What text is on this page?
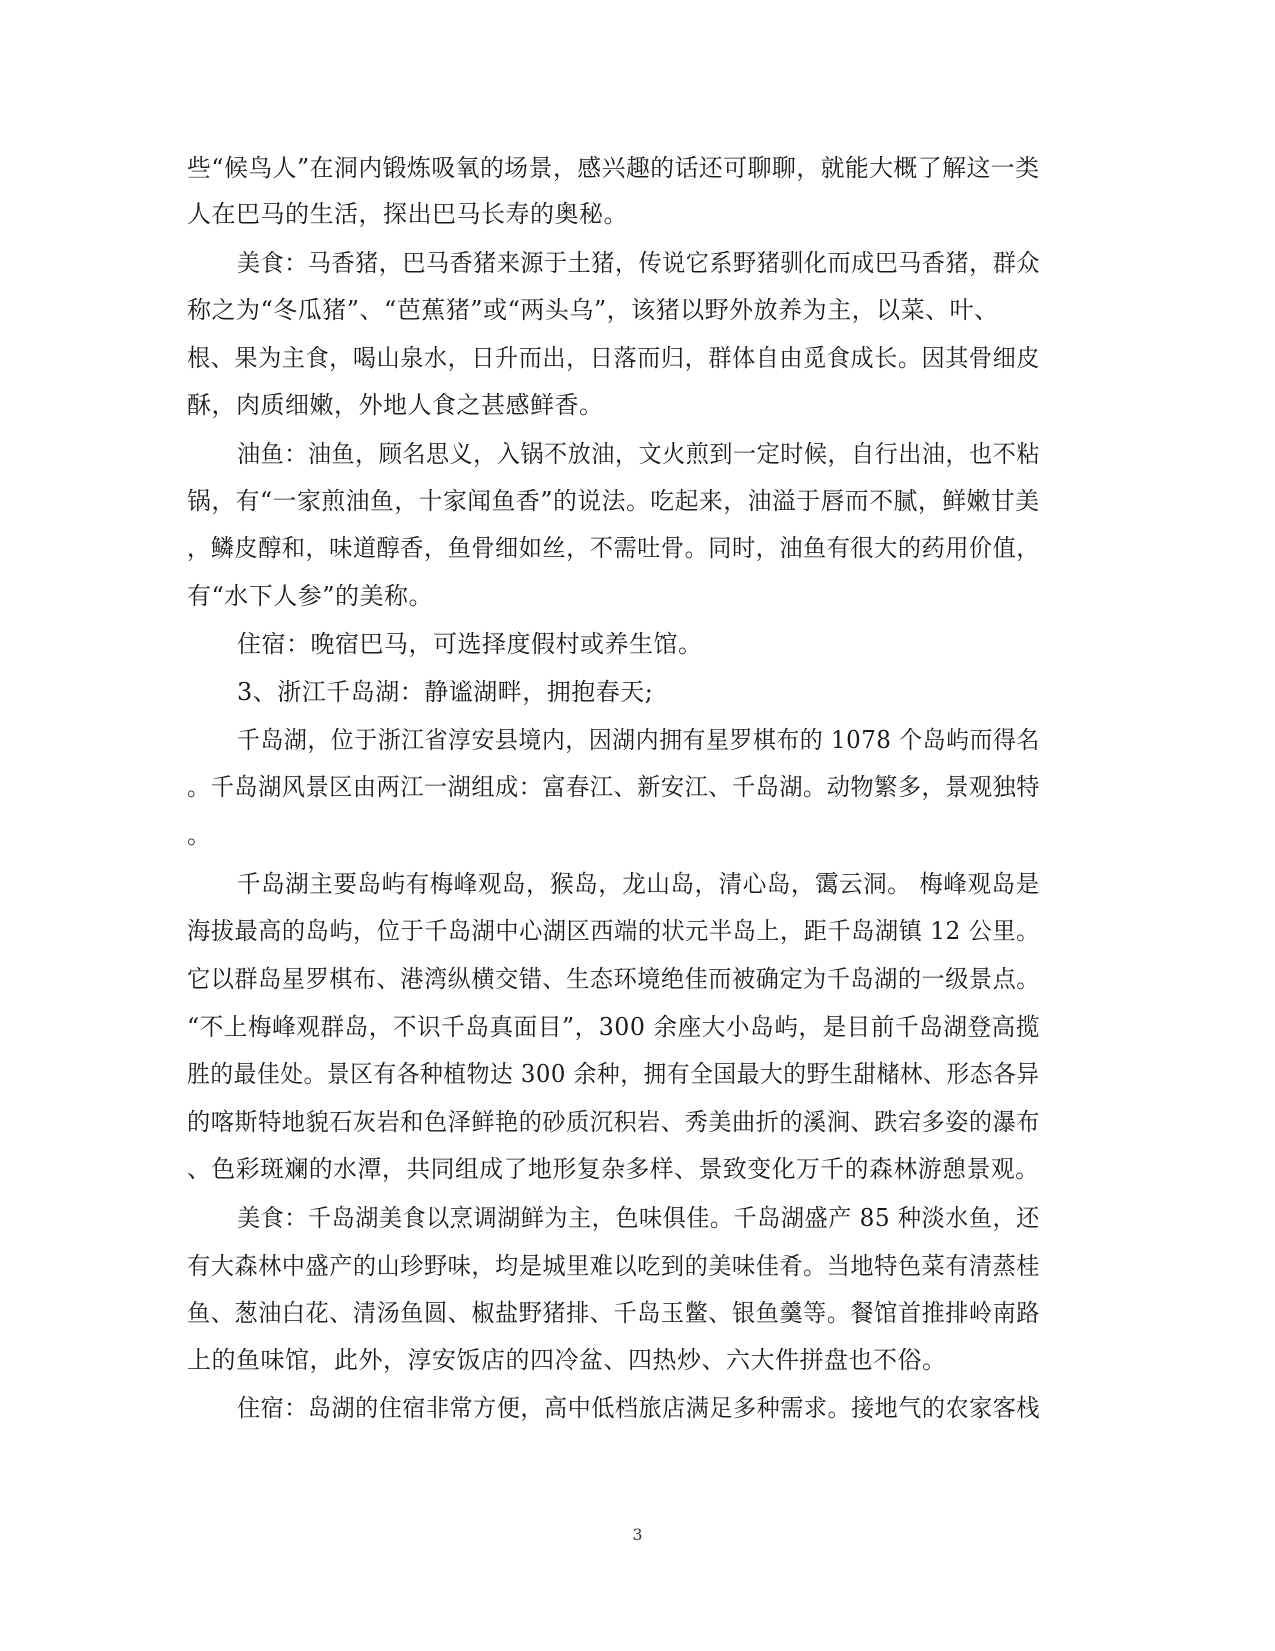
些“候鸟人”在洞内锻炼吸氧的场景，感兴趣的话还可聊聊，就能大概了解这一类
人在巴马的生活，探出巴马长寿的奥秘。
美食：马香猪，巴马香猪来源于土猪，传说它系野猪驯化而成巴马香猪，群众
称之为“冬瓜猪”、“芭蕉猪”或“两头乌”，该猪以野外放养为主，以菜、叶、
根、果为主食，喝山泉水，日升而出，日落而归，群体自由觅食成长。因其骨细皮
酥，肉质细嫩，外地人食之甚感鲜香。
油鱼：油鱼，顾名思义，入锅不放油，文火煎到一定时候，自行出油，也不粘
锅，有“一家煎油鱼，十家闻鱼香”的说法。吃起来，油溢于唇而不腻，鲜嫩甘美
，鳞皮醇和，味道醇香，鱼骨细如丝，不需吐骨。同时，油鱼有很大的药用价值，
有“水下人参”的美称。
住宿：晚宿巴马，可选择度假村或养生馆。
3、浙江千岛湖：静谧湖畔，拥抱春天;
千岛湖，位于浙江省淳安县境内，因湖内拥有星罗棋布的 1078 个岛屿而得名
。千岛湖风景区由两江一湖组成：富春江、新安江、千岛湖。动物繁多，景观独特
。
千岛湖主要岛屿有梅峰观岛，猴岛，龙山岛，清心岛，霭云洞。 梅峰观岛是
海拔最高的岛屿，位于千岛湖中心湖区西端的状元半岛上，距千岛湖镇 12 公里。
它以群岛星罗棋布、港湾纵横交错、生态环境绝佳而被确定为千岛湖的一级景点。
“不上梅峰观群岛，不识千岛真面目”，300 余座大小岛屿，是目前千岛湖登高揽
胜的最佳处。景区有各种植物达 300 余种，拥有全国最大的野生甜槠林、形态各异
的喀斯特地貌石灰岩和色泽鲜艳的砂质沉积岩、秀美曲折的溪涧、跌宕多姿的瀑布
、色彩斑斓的水潭，共同组成了地形复杂多样、景致变化万千的森林游憩景观。
美食：千岛湖美食以烹调湖鲜为主，色味俱佳。千岛湖盛产 85 种淡水鱼，还
有大森林中盛产的山珍野味，均是城里难以吃到的美味佳肴。当地特色菜有清蒸桂
鱼、葱油白花、清汤鱼圆、椒盐野猪排、千岛玉鳖、银鱼羹等。餐馆首推排岭南路
上的鱼味馆，此外，淳安饭店的四冷盆、四热炒、六大件拼盘也不俗。
住宿：岛湖的住宿非常方便，高中低档旅店满足多种需求。接地气的农家客栈
3
